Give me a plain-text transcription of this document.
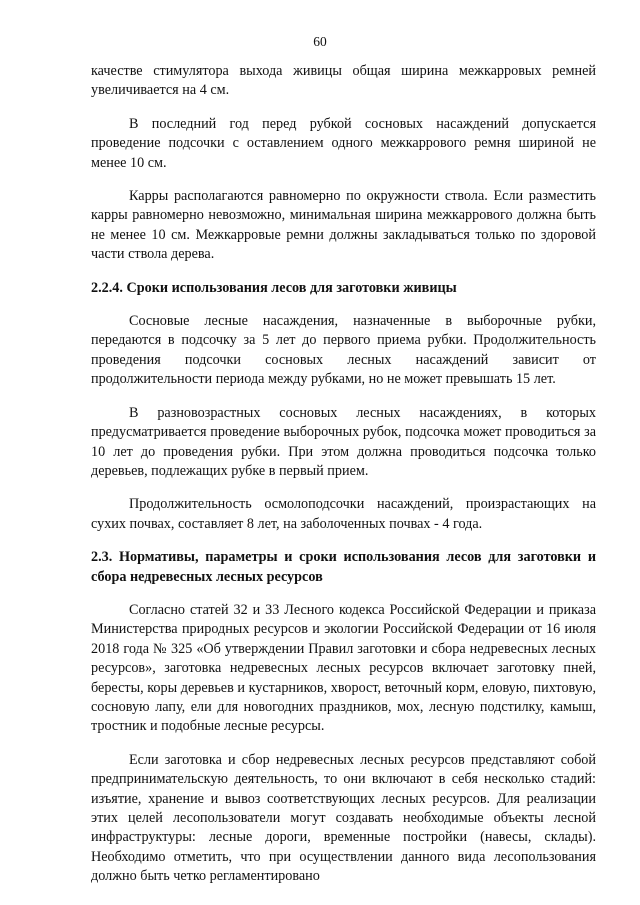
60

качестве стимулятора выхода живицы общая ширина межкарровых ремней увеличивается на 4 см.

В последний год перед рубкой сосновых насаждений допускается проведение подсочки с оставлением одного межкаррового ремня шириной не менее 10 см.

Карры располагаются равномерно по окружности ствола. Если разместить карры равномерно невозможно, минимальная ширина межкаррового должна быть не менее 10 см. Межкарровые ремни должны закладываться только по здоровой части ствола дерева.

2.2.4. Сроки использования лесов для заготовки живицы

Сосновые лесные насаждения, назначенные в выборочные рубки, передаются в подсочку за 5 лет до первого приема рубки. Продолжительность проведения подсочки сосновых лесных насаждений зависит от продолжительности периода между рубками, но не может превышать 15 лет.

В разновозрастных сосновых лесных насаждениях, в которых предусматривается проведение выборочных рубок, подсочка может проводиться за 10 лет до проведения рубки. При этом должна проводиться подсочка только деревьев, подлежащих рубке в первый прием.

Продолжительность осмолоподсочки насаждений, произрастающих на сухих почвах, составляет 8 лет, на заболоченных почвах - 4 года.

2.3. Нормативы, параметры и сроки использования лесов для заготовки и сбора недревесных лесных ресурсов

Согласно статей 32 и 33 Лесного кодекса Российской Федерации и приказа Министерства природных ресурсов и экологии Российской Федерации от 16 июля 2018 года № 325 «Об утверждении Правил заготовки и сбора недревесных лесных ресурсов», заготовка недревесных лесных ресурсов включает заготовку пней, бересты, коры деревьев и кустарников, хворост, веточный корм, еловую, пихтовую, сосновую лапу, ели для новогодних праздников, мох, лесную подстилку, камыш, тростник и подобные лесные ресурсы.

Если заготовка и сбор недревесных лесных ресурсов представляют собой предпринимательскую деятельность, то они включают в себя несколько стадий: изъятие, хранение и вывоз соответствующих лесных ресурсов. Для реализации этих целей лесопользователи могут создавать необходимые объекты лесной инфраструктуры: лесные дороги, временные постройки (навесы, склады). Необходимо отметить, что при осуществлении данного вида лесопользования должно быть четко регламентировано
